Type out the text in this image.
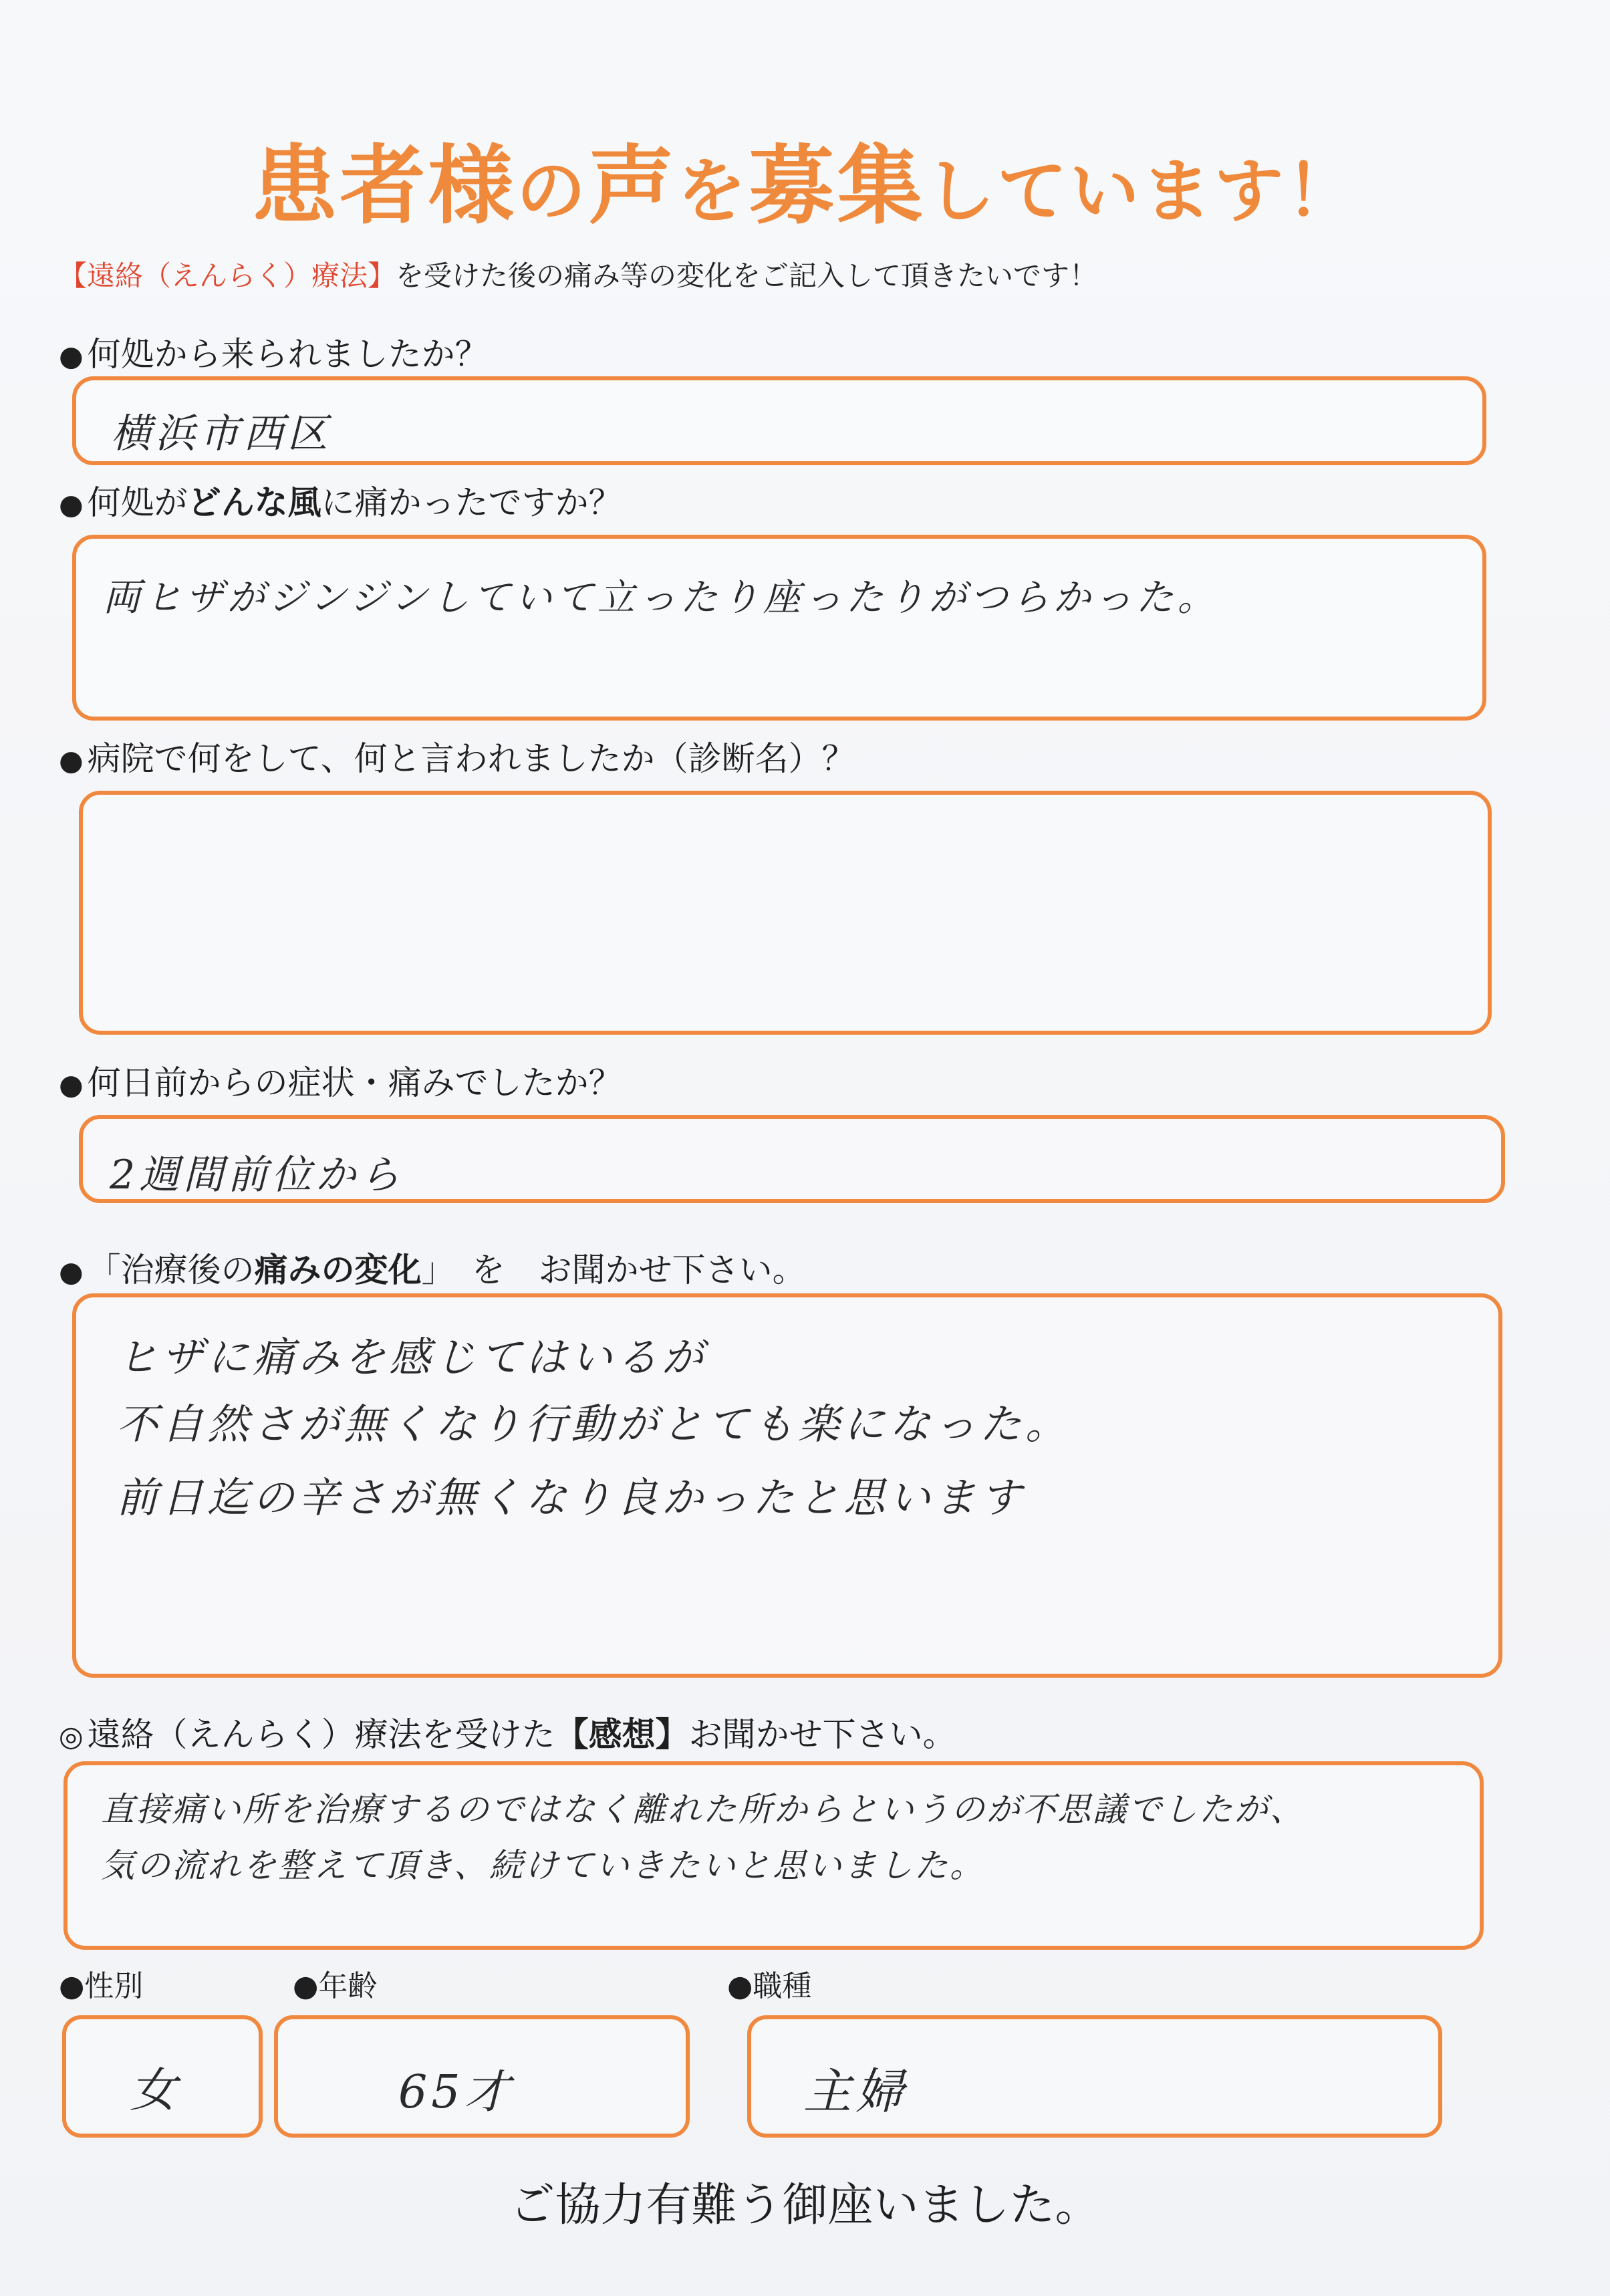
患者様の声を募集しています！
【遠絡（えんらく）療法】を受けた後の痛み等の変化をご記入して頂きたいです！
● 何処から来られましたか？
横浜市西区
● 何処がどんな風に痛かったですか？
両ヒザがジンジンしていて立ったり座ったりがつらかった。
● 病院で何をして、何と言われましたか（診断名）？
● 何日前からの症状・痛みでしたか？
2週間前位から
● 「治療後の痛みの変化」　を　お聞かせ下さい。
ヒザに痛みを感じてはいるが
不自然さが無くなり行動がとても楽になった。
前日迄の辛さが無くなり良かったと思います
◎ 遠絡（えんらく）療法を受けた【感想】お聞かせ下さい。
直接痛い所を治療するのではなく離れた所からというのが不思議でしたが、
気の流れを整えて頂き、続けていきたいと思いました。
●性別	●年齢	●職種
女	65才	主婦
ご協力有難う御座いました。
